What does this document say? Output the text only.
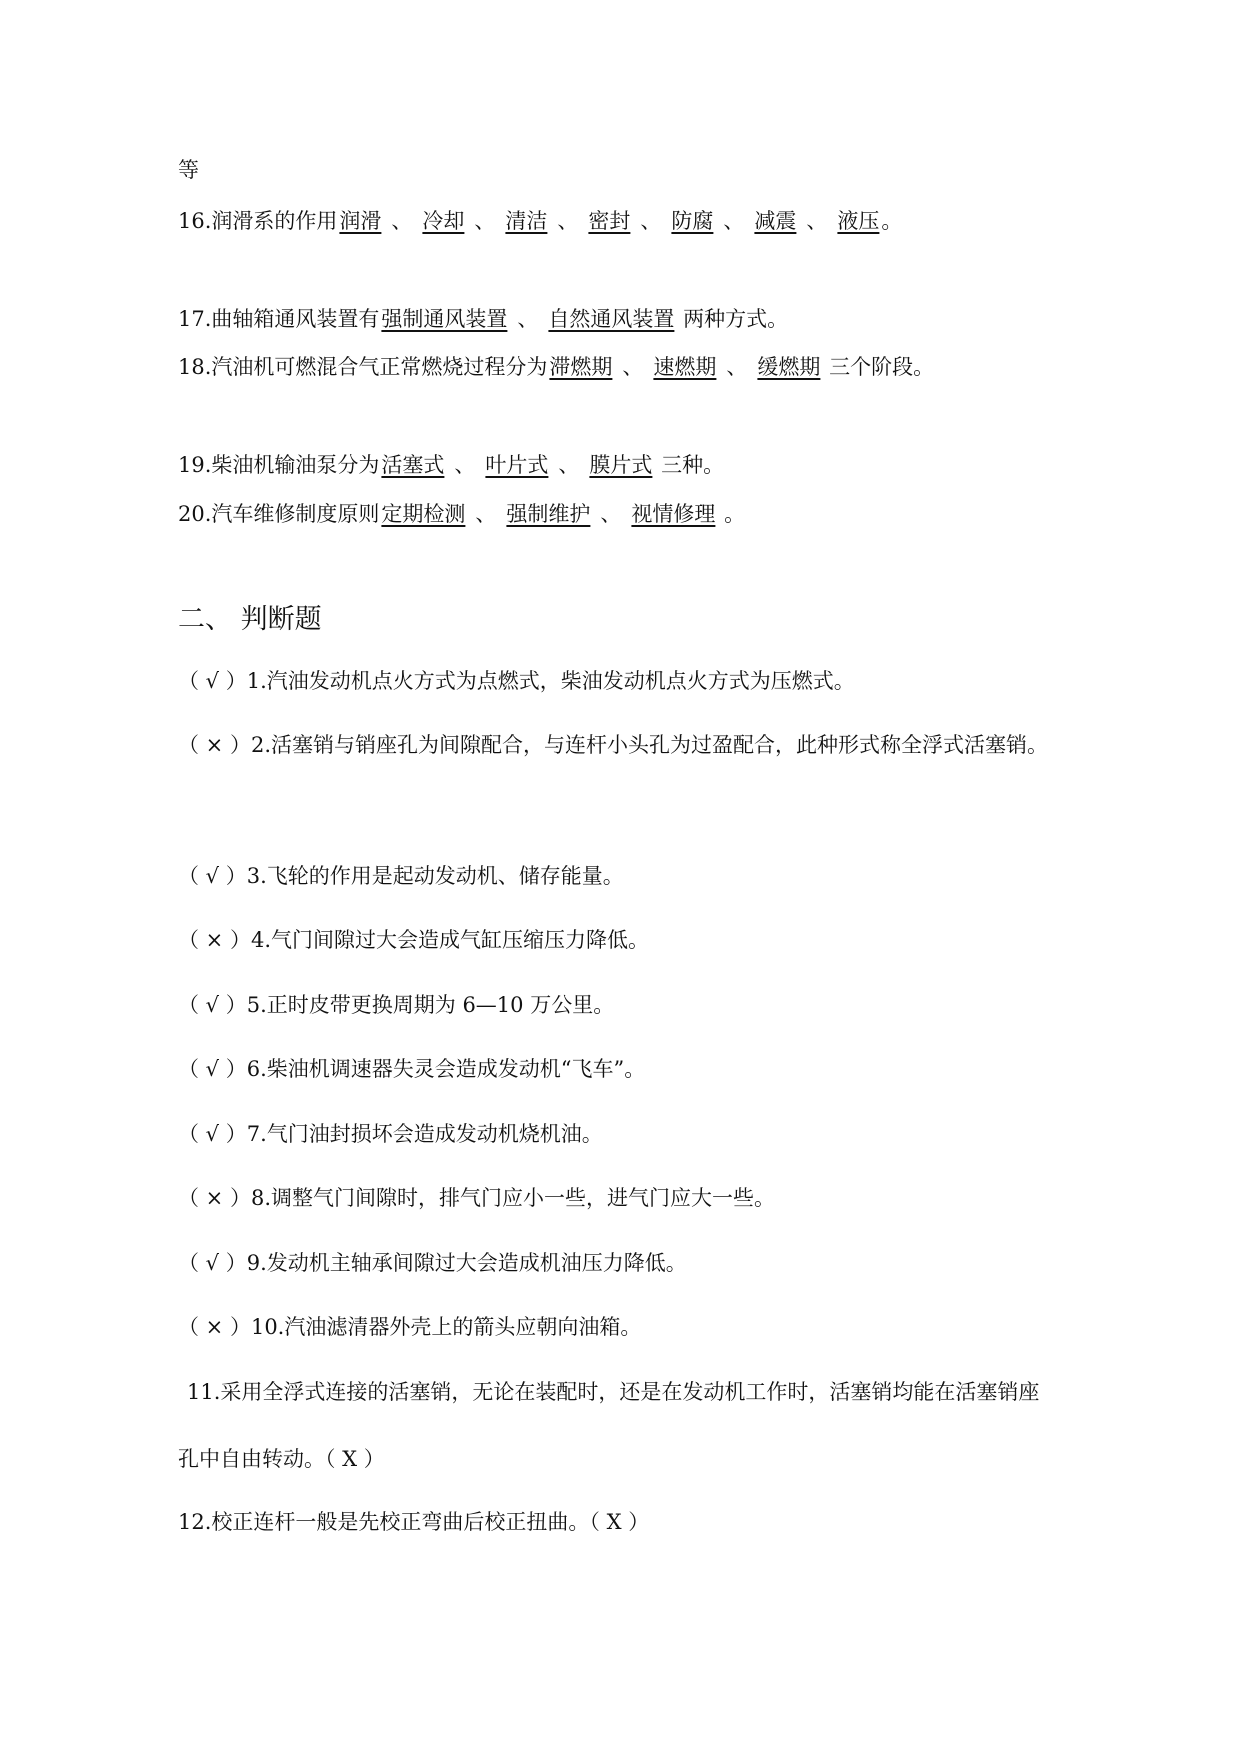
等
16.润滑系的作用润滑 、 冷却 、 清洁 、 密封 、 防腐 、 减震 、 液压。
17.曲轴箱通风装置有强制通风装置 、 自然通风装置 两种方式。
18.汽油机可燃混合气正常燃烧过程分为滞燃期 、 速燃期 、 缓燃期 三个阶段。
19.柴油机输油泵分为活塞式 、 叶片式 、 膜片式 三种。
20.汽车维修制度原则定期检测 、 强制维护 、 视情修理 。
二、 判断题
（ √ ）1.汽油发动机点火方式为点燃式，柴油发动机点火方式为压燃式。
（ × ）2.活塞销与销座孔为间隙配合，与连杆小头孔为过盈配合，此种形式称全浮式活塞销。
（ √ ）3.飞轮的作用是起动发动机、储存能量。
（ × ）4.气门间隙过大会造成气缸压缩压力降低。
（ √ ）5.正时皮带更换周期为 6—10 万公里。
（ √ ）6.柴油机调速器失灵会造成发动机“飞车”。
（ √ ）7.气门油封损坏会造成发动机烧机油。
（ × ）8.调整气门间隙时，排气门应小一些，进气门应大一些。
（ √ ）9.发动机主轴承间隙过大会造成机油压力降低。
（ × ）10.汽油滤清器外壳上的箭头应朝向油箱。
11.采用全浮式连接的活塞销，无论在装配时，还是在发动机工作时，活塞销均能在活塞销座
孔中自由转动。（ X ）
12.校正连杆一般是先校正弯曲后校正扭曲。（ X ）
